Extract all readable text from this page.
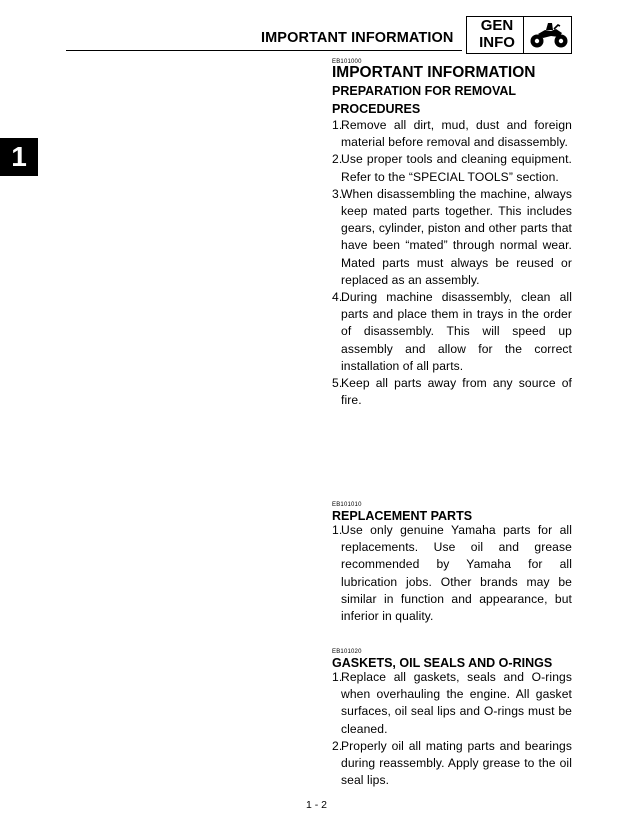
IMPORTANT INFORMATION
GEN
INFO
1
EB101000
IMPORTANT INFORMATION
PREPARATION FOR REMOVAL PROCEDURES
1.
Remove all dirt, mud, dust and foreign material before removal and disassembly.
2.
Use proper tools and cleaning equipment. Refer to the “SPECIAL TOOLS” section.
3.
When disassembling the machine, always keep mated parts together. This includes gears, cylinder, piston and other parts that have been “mated” through normal wear. Mated parts must always be reused or replaced as an assembly.
4.
During machine disassembly, clean all parts and place them in trays in the order of disassembly. This will speed up assembly and allow for the correct installation of all parts.
5.
Keep all parts away from any source of fire.
EB101010
REPLACEMENT PARTS
1.
Use only genuine Yamaha parts for all replacements. Use oil and grease recommended by Yamaha for all lubrication jobs. Other brands may be similar in function and appearance, but inferior in quality.
EB101020
GASKETS, OIL SEALS AND O-RINGS
1.
Replace all gaskets, seals and O-rings when overhauling the engine. All gasket surfaces, oil seal lips and O-rings must be cleaned.
2.
Properly oil all mating parts and bearings during reassembly. Apply grease to the oil seal lips.
1 - 2
